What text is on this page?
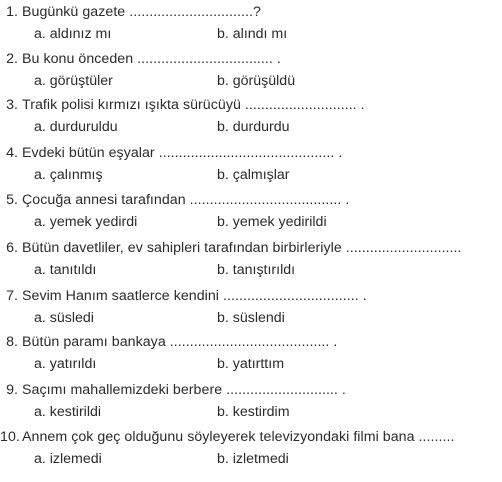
1. Bugünkü gazete ...............................?
a. aldınız mı	b. alındı mı
2. Bu konu önceden .................................. .
a. görüştüler	b. görüşüldü
3. Trafik polisi kırmızı ışıkta sürücüyü ............................ .
a. durduruldu	b. durdurdu
4. Evdeki bütün eşyalar ............................................ .
a. çalınmış	b. çalmışlar
5. Çocuğa annesi tarafından ...................................... .
a. yemek yedirdi	b. yemek yedirildi
6. Bütün davetliler, ev sahipleri tarafından birbirleriyle .............................
a. tanıtıldı	b. tanıştırıldı
7. Sevim Hanım saatlerce kendini .................................. .
a. süsledi	b. süslendi
8. Bütün paramı bankaya ........................................ .
a. yatırıldı	b. yatırttım
9. Saçımı mahallemizdeki berbere ............................ .
a. kestirildi	b. kestirdim
10. Annem çok geç olduğunu söyleyerek televizyondaki filmi bana .........
a. izlemedi	b. izletmedi
